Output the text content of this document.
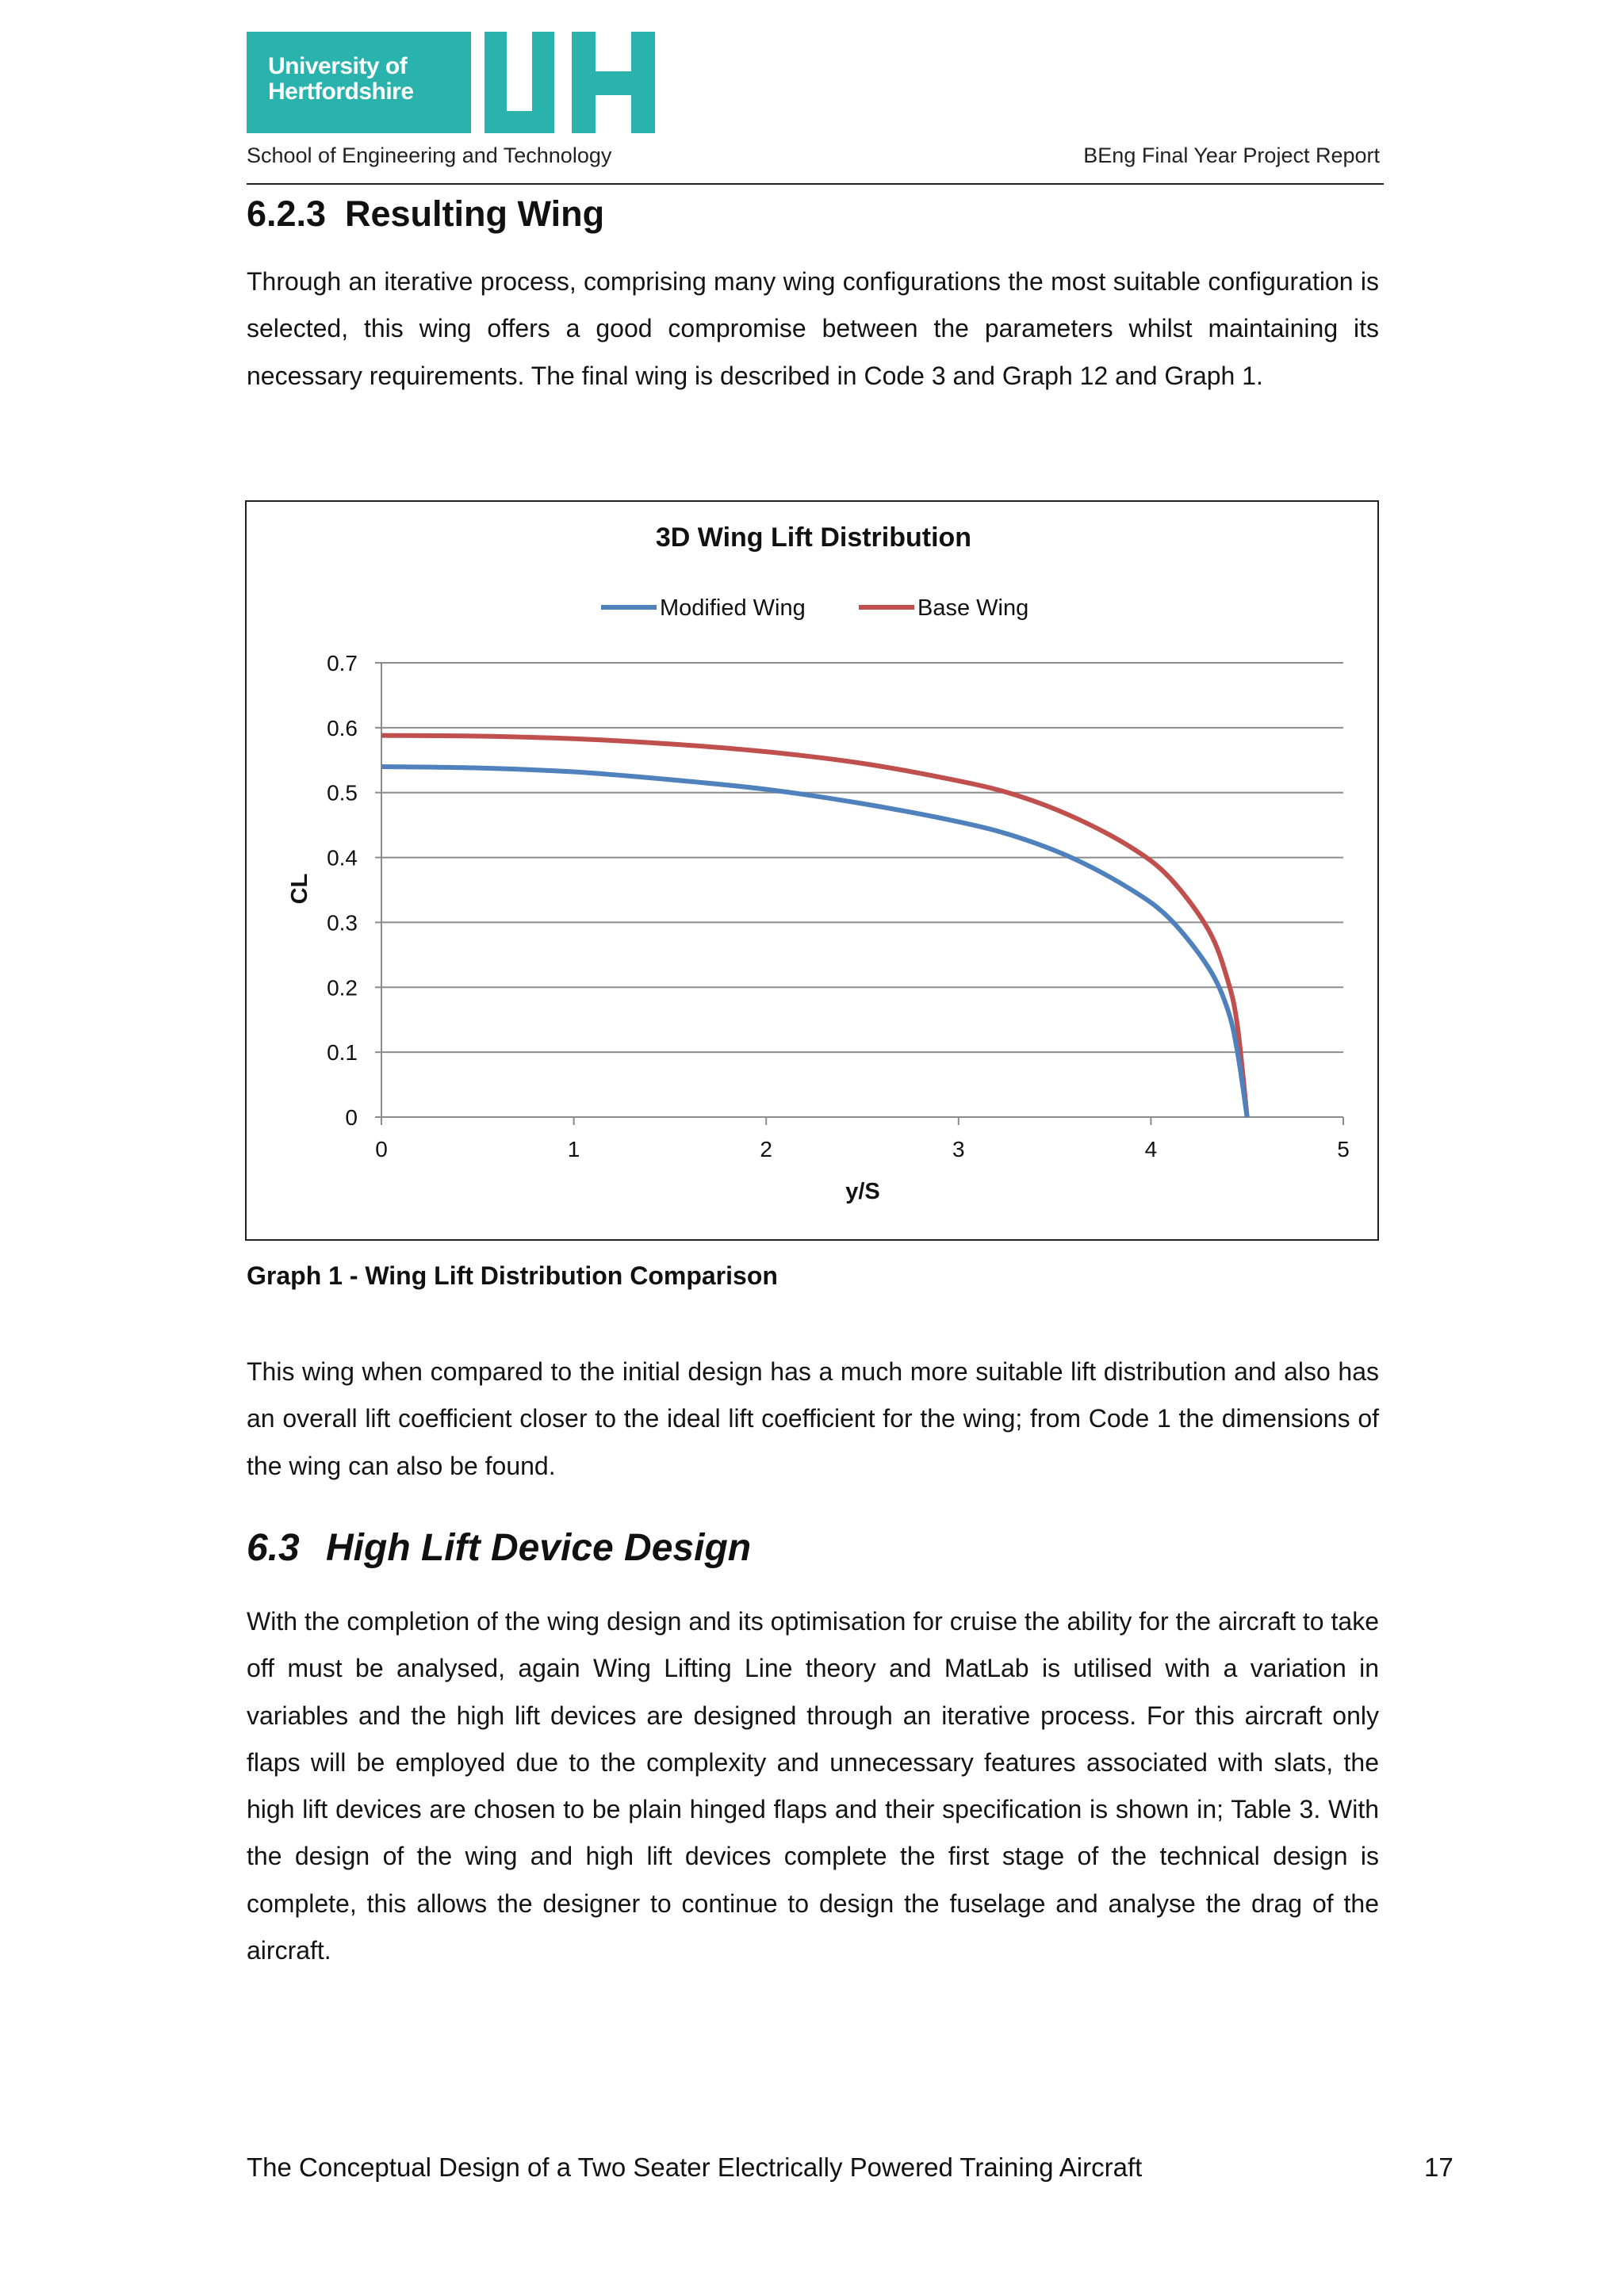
University of
Hertfordshire
School of Engineering and Technology	BEng Final Year Project Report
6.2.3 Resulting Wing
Through an iterative process, comprising many wing configurations the most suitable configuration is selected, this wing offers a good compromise between the parameters whilst maintaining its necessary requirements. The final wing is described in Code 3 and Graph 12 and Graph 1.
3D Wing Lift Distribution
Modified Wing	Base Wing
0
0.1
0.2
0.3
0.4
0.5
0.6
0.7
0	1	2	3	4	5
y/S
CL
Graph 1 - Wing Lift Distribution Comparison
This wing when compared to the initial design has a much more suitable lift distribution and also has an overall lift coefficient closer to the ideal lift coefficient for the wing; from Code 1 the dimensions of the wing can also be found.
6.3 High Lift Device Design
With the completion of the wing design and its optimisation for cruise the ability for the aircraft to take off must be analysed, again Wing Lifting Line theory and MatLab is utilised with a variation in variables and the high lift devices are designed through an iterative process. For this aircraft only flaps will be employed due to the complexity and unnecessary features associated with slats, the high lift devices are chosen to be plain hinged flaps and their specification is shown in; Table 3. With the design of the wing and high lift devices complete the first stage of the technical design is complete, this allows the designer to continue to design the fuselage and analyse the drag of the aircraft.
The Conceptual Design of a Two Seater Electrically Powered Training Aircraft	17
